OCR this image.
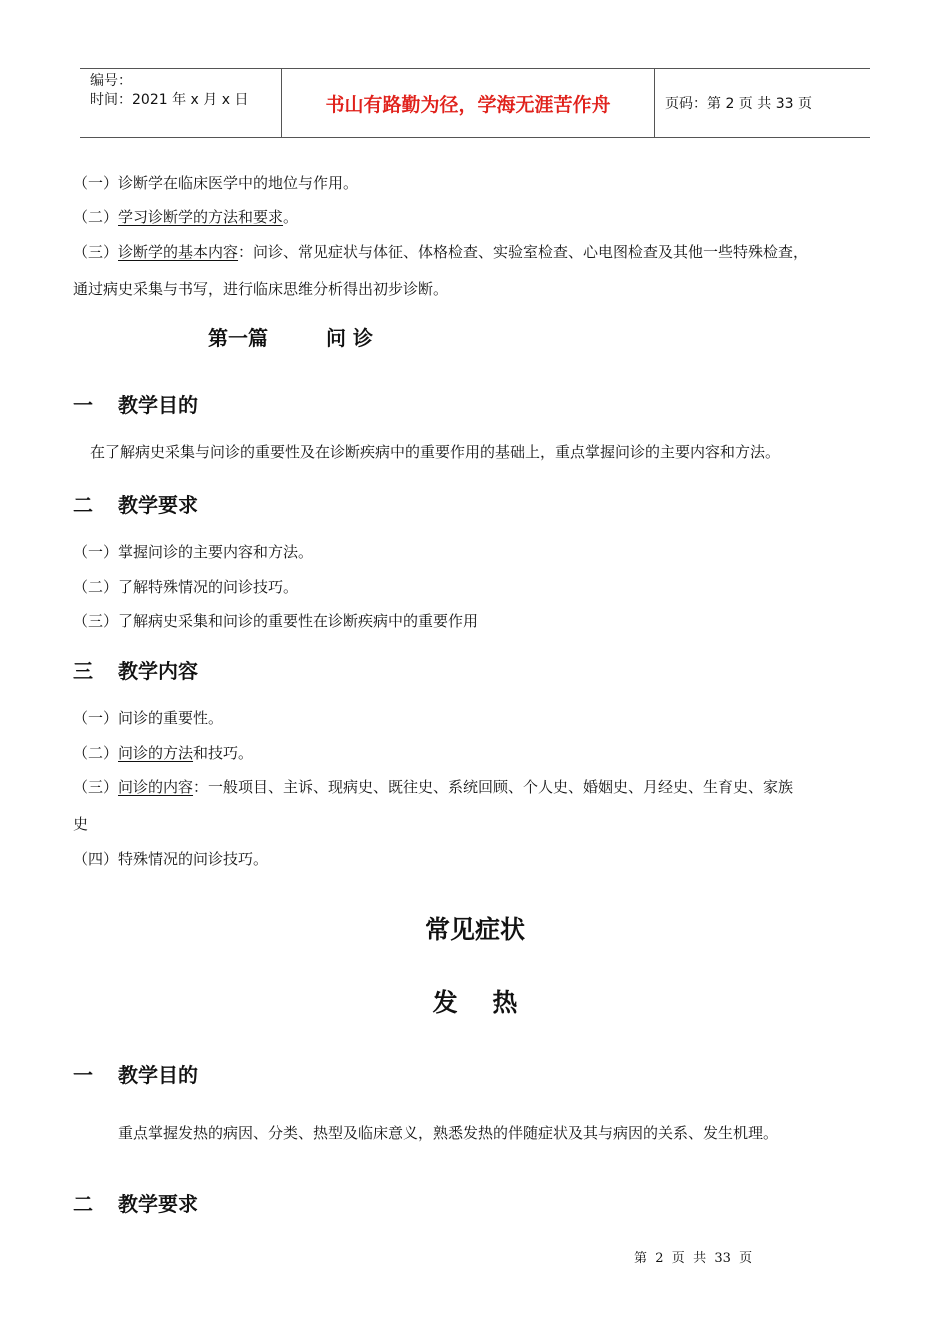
编号：
时间：2021 年 x 月 x 日	书山有路勤为径，学海无涯苦作舟	页码：第 2 页 共 33 页
（一）诊断学在临床医学中的地位与作用。
（二）学习诊断学的方法和要求。
（三）诊断学的基本内容：问诊、常见症状与体征、体格检查、实验室检查、心电图检查及其他一些特殊检查，
通过病史采集与书写，进行临床思维分析得出初步诊断。
第一篇	问 诊
一 教学目的
在了解病史采集与问诊的重要性及在诊断疾病中的重要作用的基础上，重点掌握问诊的主要内容和方法。
二 教学要求
（一）掌握问诊的主要内容和方法。
（二）了解特殊情况的问诊技巧。
（三）了解病史采集和问诊的重要性在诊断疾病中的重要作用
三 教学内容
（一）问诊的重要性。
（二）问诊的方法和技巧。
（三）问诊的内容：一般项目、主诉、现病史、既往史、系统回顾、个人史、婚姻史、月经史、生育史、家族
史
（四）特殊情况的问诊技巧。
常见症状
发    热
一 教学目的
重点掌握发热的病因、分类、热型及临床意义，熟悉发热的伴随症状及其与病因的关系、发生机理。
二 教学要求
第  2  页  共  33  页
